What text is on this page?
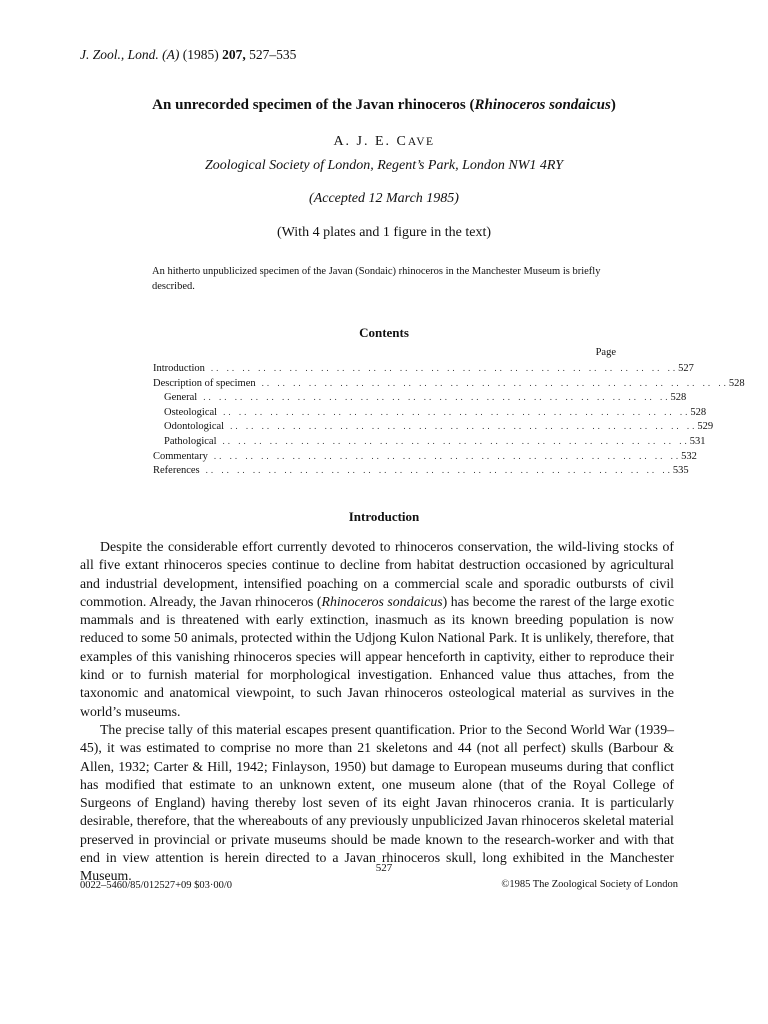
J. Zool., Lond. (A) (1985) 207, 527–535
An unrecorded specimen of the Javan rhinoceros (Rhinoceros sondaicus)
A. J. E. CAVE
Zoological Society of London, Regent’s Park, London NW1 4RY
(Accepted 12 March 1985)
(With 4 plates and 1 figure in the text)
An hitherto unpublicized specimen of the Javan (Sondaic) rhinoceros in the Manchester Museum is briefly described.
Contents
Page
Introduction .. .. .. .. .. .. .. .. .. .. .. .. .. .. .. .. .. .. .. .. .. .. .. .. .. .. .. .. .. .. 527
Description of specimen .. .. .. .. .. .. .. .. .. .. .. .. .. .. .. .. .. .. .. .. .. .. .. .. .. .. .. .. .. .. 528
General .. .. .. .. .. .. .. .. .. .. .. .. .. .. .. .. .. .. .. .. .. .. .. .. .. .. .. .. .. .. 528
Osteological .. .. .. .. .. .. .. .. .. .. .. .. .. .. .. .. .. .. .. .. .. .. .. .. .. .. .. .. .. .. 528
Odontological .. .. .. .. .. .. .. .. .. .. .. .. .. .. .. .. .. .. .. .. .. .. .. .. .. .. .. .. .. .. 529
Pathological .. .. .. .. .. .. .. .. .. .. .. .. .. .. .. .. .. .. .. .. .. .. .. .. .. .. .. .. .. .. 531
Commentary .. .. .. .. .. .. .. .. .. .. .. .. .. .. .. .. .. .. .. .. .. .. .. .. .. .. .. .. .. .. 532
References .. .. .. .. .. .. .. .. .. .. .. .. .. .. .. .. .. .. .. .. .. .. .. .. .. .. .. .. .. .. 535
Introduction

Despite the considerable effort currently devoted to rhinoceros conservation, the wild-living stocks of all five extant rhinoceros species continue to decline from habitat destruction occasioned by agricultural and industrial development, intensified poaching on a commercial scale and sporadic outbursts of civil commotion. Already, the Javan rhinoceros (Rhinoceros sondaicus) has become the rarest of the large exotic mammals and is threatened with early extinction, inasmuch as its known breeding population is now reduced to some 50 animals, protected within the Udjong Kulon National Park. It is unlikely, therefore, that examples of this vanishing rhinoceros species will appear henceforth in captivity, either to reproduce their kind or to furnish material for morphological investigation. Enhanced value thus attaches, from the taxonomic and anatomical viewpoint, to such Javan rhinoceros osteological material as survives in the world’s museums.

The precise tally of this material escapes present quantification. Prior to the Second World War (1939–45), it was estimated to comprise no more than 21 skeletons and 44 (not all perfect) skulls (Barbour & Allen, 1932; Carter & Hill, 1942; Finlayson, 1950) but damage to European museums during that conflict has modified that estimate to an unknown extent, one museum alone (that of the Royal College of Surgeons of England) having thereby lost seven of its eight Javan rhinoceros crania. It is particularly desirable, therefore, that the whereabouts of any previously unpublicized Javan rhinoceros skeletal material preserved in provincial or private museums should be made known to the research-worker and with that end in view attention is herein directed to a Javan rhinoceros skull, long exhibited in the Manchester Museum.

527
0022–5460/85/012527+09 $03·00/0	©1985 The Zoological Society of London
